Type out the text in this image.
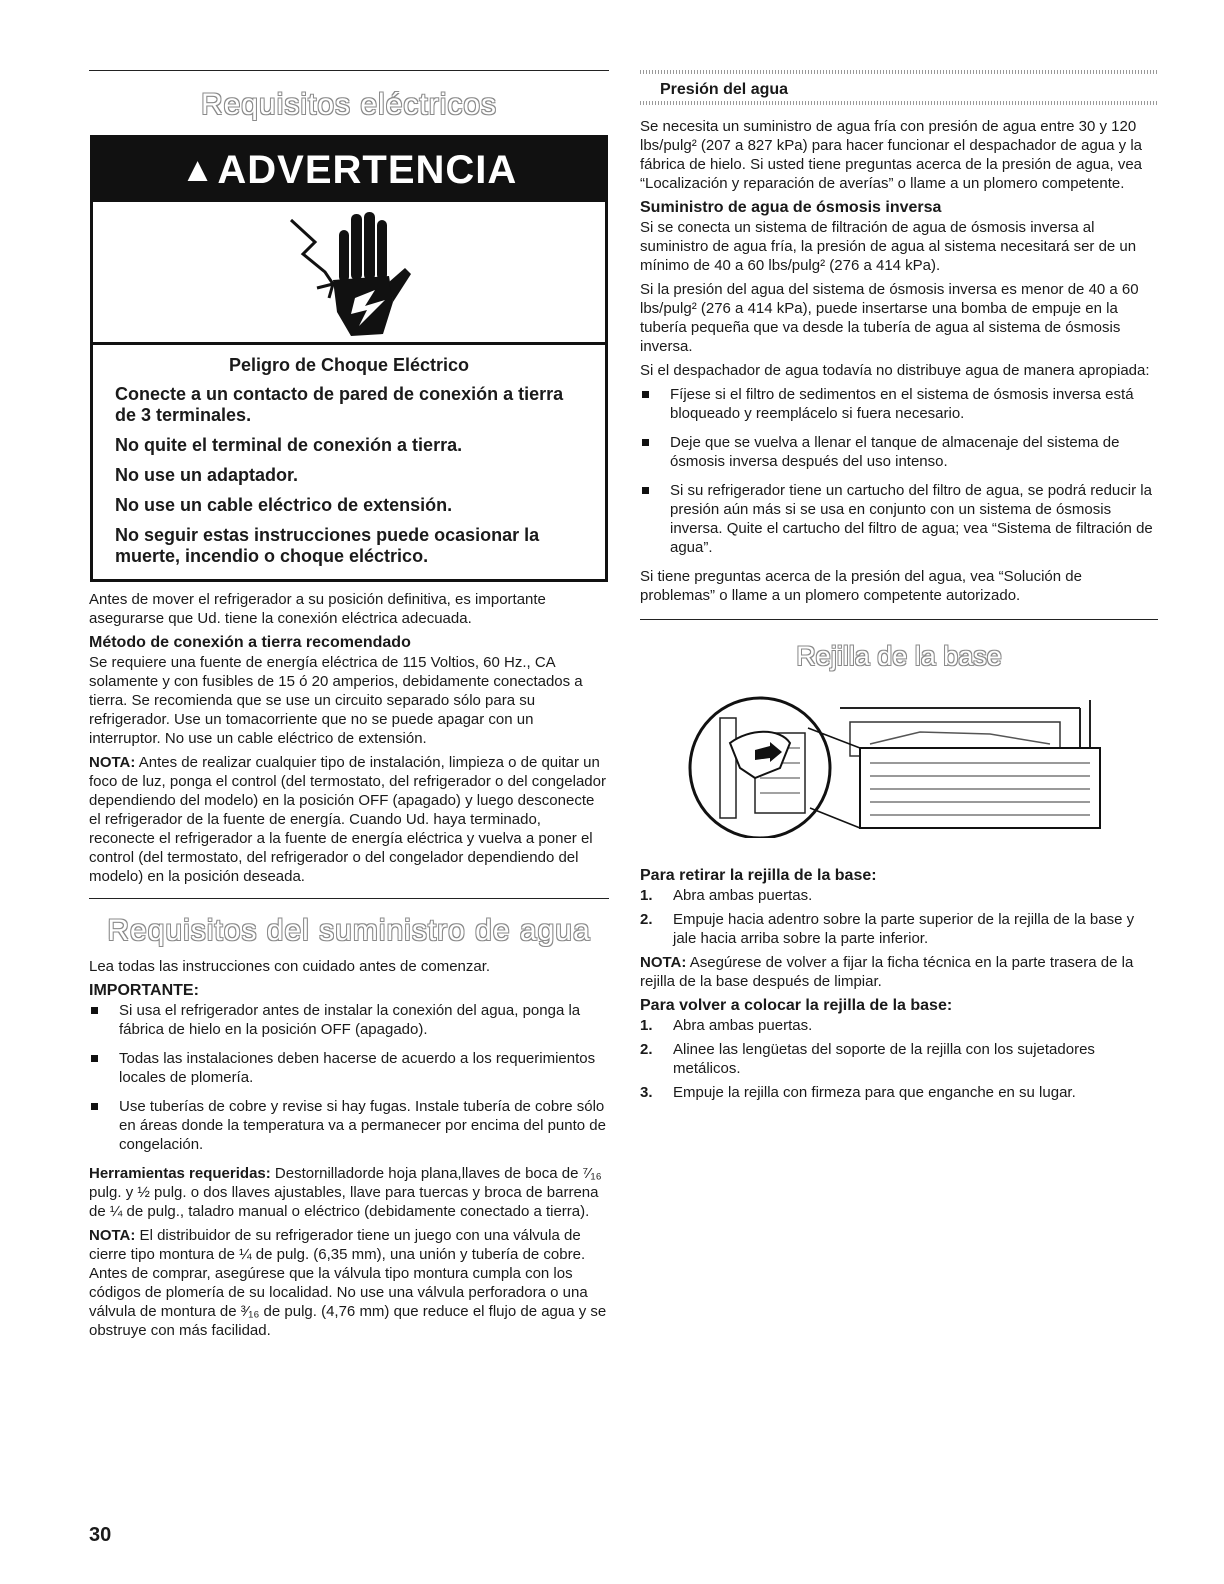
Requisitos eléctricos
▲ADVERTENCIA
Peligro de Choque Eléctrico

Conecte a un contacto de pared de conexión a tierra de 3 terminales.

No quite el terminal de conexión a tierra.

No use un adaptador.

No use un cable eléctrico de extensión.

No seguir estas instrucciones puede ocasionar la muerte, incendio o choque eléctrico.

Antes de mover el refrigerador a su posición definitiva, es importante asegurarse que Ud. tiene la conexión eléctrica adecuada.

Método de conexión a tierra recomendado

Se requiere una fuente de energía eléctrica de 115 Voltios, 60 Hz., CA solamente y con fusibles de 15 ó 20 amperios, debidamente conectados a tierra. Se recomienda que se use un circuito separado sólo para su refrigerador. Use un tomacorriente que no se puede apagar con un interruptor. No use un cable eléctrico de extensión.

NOTA: Antes de realizar cualquier tipo de instalación, limpieza o de quitar un foco de luz, ponga el control (del termostato, del refrigerador o del congelador dependiendo del modelo) en la posición OFF (apagado) y luego desconecte el refrigerador de la fuente de energía. Cuando Ud. haya terminado, reconecte el refrigerador a la fuente de energía eléctrica y vuelva a poner el control (del termostato, del refrigerador o del congelador dependiendo del modelo) en la posición deseada.

Requisitos del suministro de agua

Lea todas las instrucciones con cuidado antes de comenzar.

IMPORTANTE:
Si usa el refrigerador antes de instalar la conexión del agua, ponga la fábrica de hielo en la posición OFF (apagado).
Todas las instalaciones deben hacerse de acuerdo a los requerimientos locales de plomería.
Use tuberías de cobre y revise si hay fugas. Instale tubería de cobre sólo en áreas donde la temperatura va a permanecer por encima del punto de congelación.

Herramientas requeridas: Destornilladorde hoja plana,llaves de boca de ⁷⁄₁₆ pulg. y ½ pulg. o dos llaves ajustables, llave para tuercas y broca de barrena de ¼ de pulg., taladro manual o eléctrico (debidamente conectado a tierra).

NOTA: El distribuidor de su refrigerador tiene un juego con una válvula de cierre tipo montura de ¼ de pulg. (6,35 mm), una unión y tubería de cobre. Antes de comprar, asegúrese que la válvula tipo montura cumpla con los códigos de plomería de su localidad. No use una válvula perforadora o una válvula de montura de ³⁄₁₆ de pulg. (4,76 mm) que reduce el flujo de agua y se obstruye con más facilidad.

Presión del agua

Se necesita un suministro de agua fría con presión de agua entre 30 y 120 lbs/pulg² (207 a 827 kPa) para hacer funcionar el despachador de agua y la fábrica de hielo. Si usted tiene preguntas acerca de la presión de agua, vea “Localización y reparación de averías” o llame a un plomero competente.

Suministro de agua de ósmosis inversa

Si se conecta un sistema de filtración de agua de ósmosis inversa al suministro de agua fría, la presión de agua al sistema necesitará ser de un mínimo de 40 a 60 lbs/pulg² (276 a 414 kPa).

Si la presión del agua del sistema de ósmosis inversa es menor de 40 a 60 lbs/pulg² (276 a 414 kPa), puede insertarse una bomba de empuje en la tubería pequeña que va desde la tubería de agua al sistema de ósmosis inversa.

Si el despachador de agua todavía no distribuye agua de manera apropiada:

Fíjese si el filtro de sedimentos en el sistema de ósmosis inversa está bloqueado y reemplácelo si fuera necesario.
Deje que se vuelva a llenar el tanque de almacenaje del sistema de ósmosis inversa después del uso intenso.
Si su refrigerador tiene un cartucho del filtro de agua, se podrá reducir la presión aún más si se usa en conjunto con un sistema de ósmosis inversa. Quite el cartucho del filtro de agua; vea “Sistema de filtración de agua”.

Si tiene preguntas acerca de la presión del agua, vea “Solución de problemas” o llame a un plomero competente autorizado.

Rejilla de la base
Para retirar la rejilla de la base:
1. Abra ambas puertas.
2. Empuje hacia adentro sobre la parte superior de la rejilla de la base y jale hacia arriba sobre la parte inferior.

NOTA: Asegúrese de volver a fijar la ficha técnica en la parte trasera de la rejilla de la base después de limpiar.

Para volver a colocar la rejilla de la base:
1. Abra ambas puertas.
2. Alinee las lengüetas del soporte de la rejilla con los sujetadores metálicos.
3. Empuje la rejilla con firmeza para que enganche en su lugar.
30
